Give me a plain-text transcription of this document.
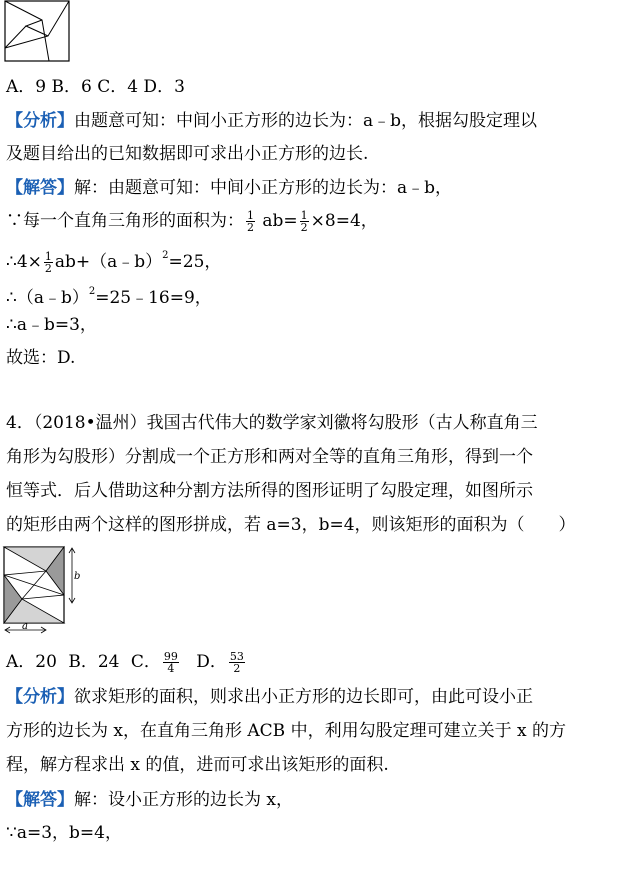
A．9 B．6 C．4 D．3
【分析】由题意可知：中间小正方形的边长为：a﹣b，根据勾股定理以
及题目给出的已知数据即可求出小正方形的边长.
【解答】解：由题意可知：中间小正方形的边长为：a﹣b，
∵每一个直角三角形的面积为： $\frac{1}{2} ab= \frac{1}{2} \times 8=4$，
∴4× $\frac{1}{2}$ ab+（a﹣b）$^2$=25，
∴（a﹣b）$^2$=25﹣16=9，
∴a﹣b=3，
故选：D.
4．（2018•温州）我国古代伟大的数学家刘徽将勾股形（古人称直角三
角形为勾股形）分割成一个正方形和两对全等的直角三角形，得到一个
恒等式．后人借助这种分割方法所得的图形证明了勾股定理，如图所示
的矩形由两个这样的图形拼成，若 a=3，b=4，则该矩形的面积为（　　）
b
a
A．20 B．24 C． $\frac{99}{4}$ D． $\frac{53}{2}$
【分析】欲求矩形的面积，则求出小正方形的边长即可，由此可设小正
方形的边长为 x，在直角三角形 ACB 中，利用勾股定理可建立关于 x 的方
程，解方程求出 x 的值，进而可求出该矩形的面积.
【解答】解：设小正方形的边长为 x，
∵a=3，b=4，
